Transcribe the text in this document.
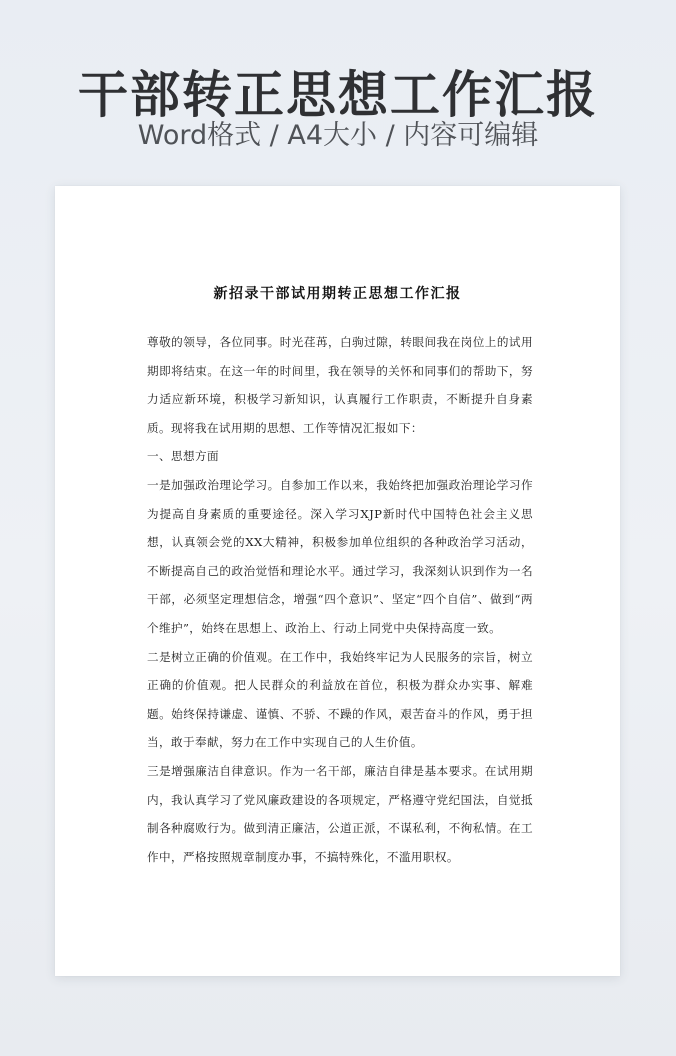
干部转正思想工作汇报
Word格式 / A4大小 / 内容可编辑
新招录干部试用期转正思想工作汇报

尊敬的领导，各位同事。时光荏苒，白驹过隙，转眼间我在岗位上的试用期即将结束。在这一年的时间里，我在领导的关怀和同事们的帮助下，努力适应新环境，积极学习新知识，认真履行工作职责，不断提升自身素质。现将我在试用期的思想、工作等情况汇报如下：

一、思想方面

一是加强政治理论学习。自参加工作以来，我始终把加强政治理论学习作为提高自身素质的重要途径。深入学习XJP新时代中国特色社会主义思想，认真领会党的XX大精神，积极参加单位组织的各种政治学习活动，不断提高自己的政治觉悟和理论水平。通过学习，我深刻认识到作为一名干部，必须坚定理想信念，增强“四个意识”、坚定“四个自信”、做到“两个维护”，始终在思想上、政治上、行动上同党中央保持高度一致。

二是树立正确的价值观。在工作中，我始终牢记为人民服务的宗旨，树立正确的价值观。把人民群众的利益放在首位，积极为群众办实事、解难题。始终保持谦虚、谨慎、不骄、不躁的作风，艰苦奋斗的作风，勇于担当，敢于奉献，努力在工作中实现自己的人生价值。

三是增强廉洁自律意识。作为一名干部，廉洁自律是基本要求。在试用期内，我认真学习了党风廉政建设的各项规定，严格遵守党纪国法，自觉抵制各种腐败行为。做到清正廉洁，公道正派，不谋私利，不徇私情。在工作中，严格按照规章制度办事，不搞特殊化，不滥用职权。
